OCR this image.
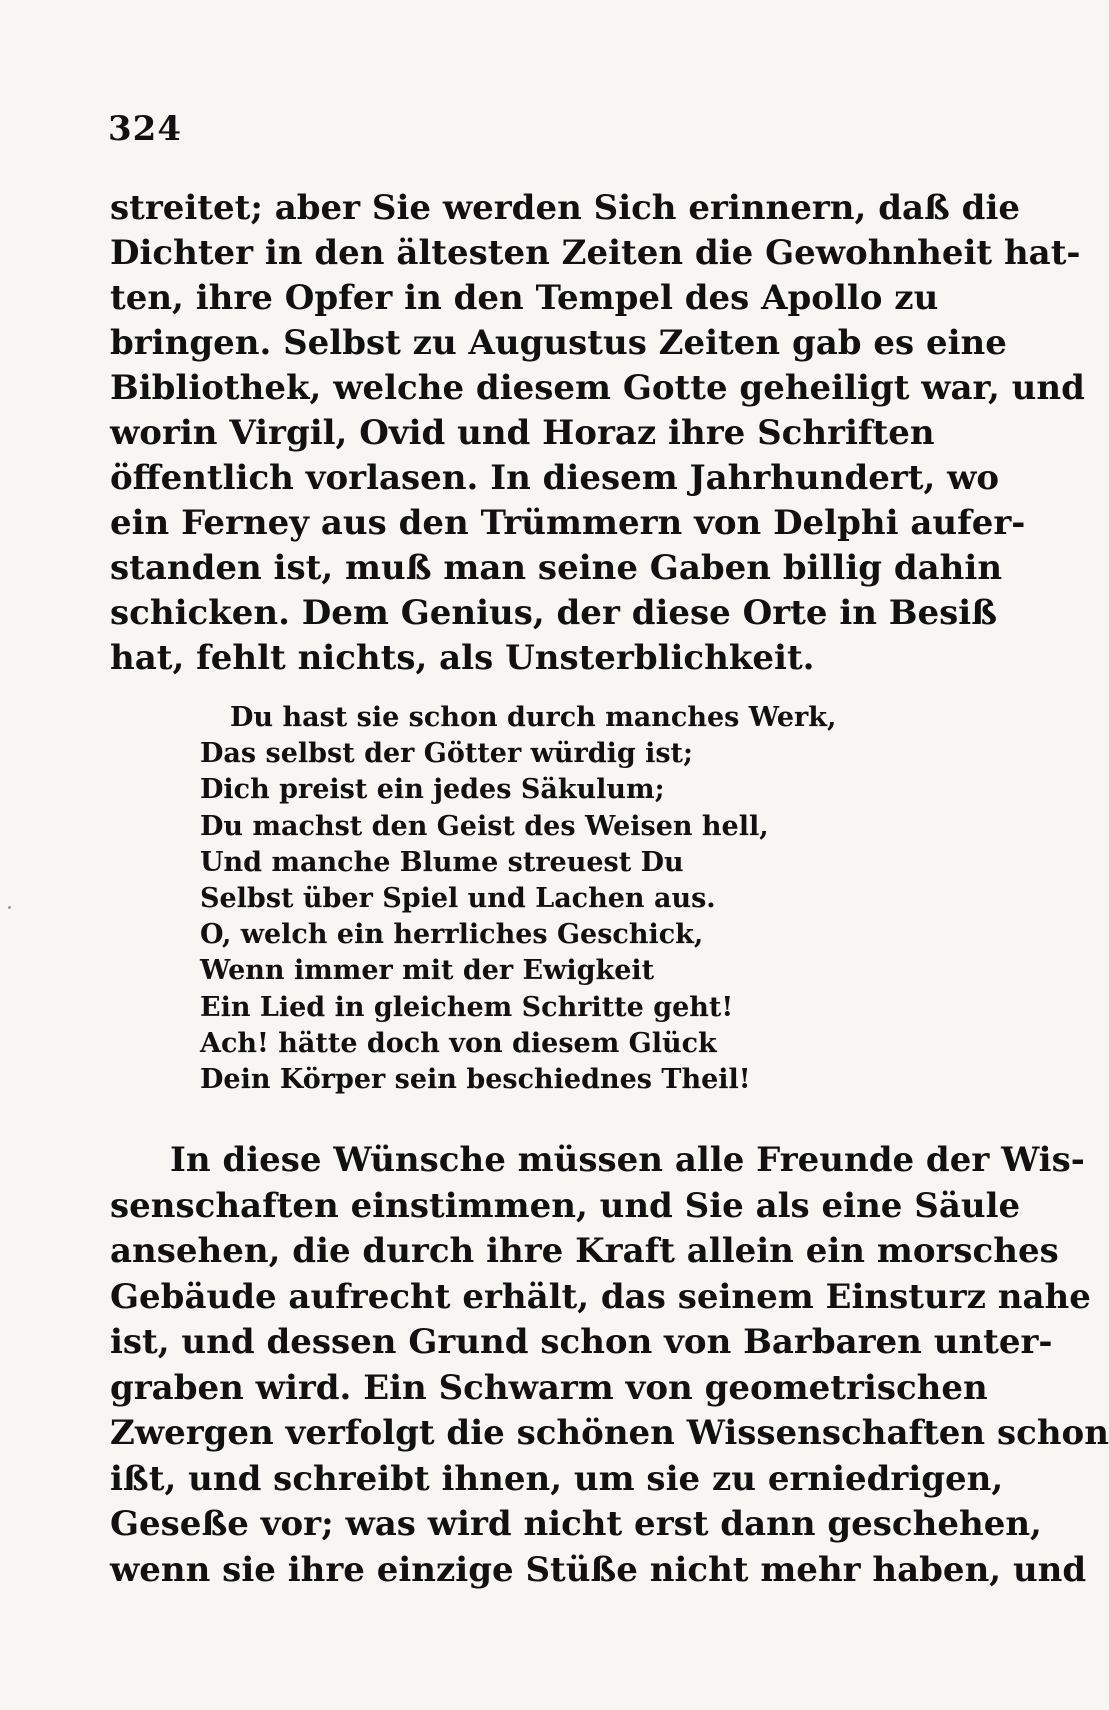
324
streitet; aber Sie werden Sich erinnern, daß die
Dichter in den ältesten Zeiten die Gewohnheit hat-
ten, ihre Opfer in den Tempel des Apollo zu
bringen. Selbst zu Augustus Zeiten gab es eine
Bibliothek, welche diesem Gotte geheiligt war, und
worin Virgil, Ovid und Horaz ihre Schriften
öffentlich vorlasen. In diesem Jahrhundert, wo
ein Ferney aus den Trümmern von Delphi aufer-
standen ist, muß man seine Gaben billig dahin
schicken. Dem Genius, der diese Orte in Besiß
hat, fehlt nichts, als Unsterblichkeit.
Du hast sie schon durch manches Werk,
Das selbst der Götter würdig ist;
Dich preist ein jedes Säkulum;
Du machst den Geist des Weisen hell,
Und manche Blume streuest Du
Selbst über Spiel und Lachen aus.
O, welch ein herrliches Geschick,
Wenn immer mit der Ewigkeit
Ein Lied in gleichem Schritte geht!
Ach! hätte doch von diesem Glück
Dein Körper sein beschiednes Theil!
In diese Wünsche müssen alle Freunde der Wis-
senschaften einstimmen, und Sie als eine Säule
ansehen, die durch ihre Kraft allein ein morsches
Gebäude aufrecht erhält, das seinem Einsturz nahe
ist, und dessen Grund schon von Barbaren unter-
graben wird. Ein Schwarm von geometrischen
Zwergen verfolgt die schönen Wissenschaften schon
ißt, und schreibt ihnen, um sie zu erniedrigen,
Geseße vor; was wird nicht erst dann geschehen,
wenn sie ihre einzige Stüße nicht mehr haben, und
